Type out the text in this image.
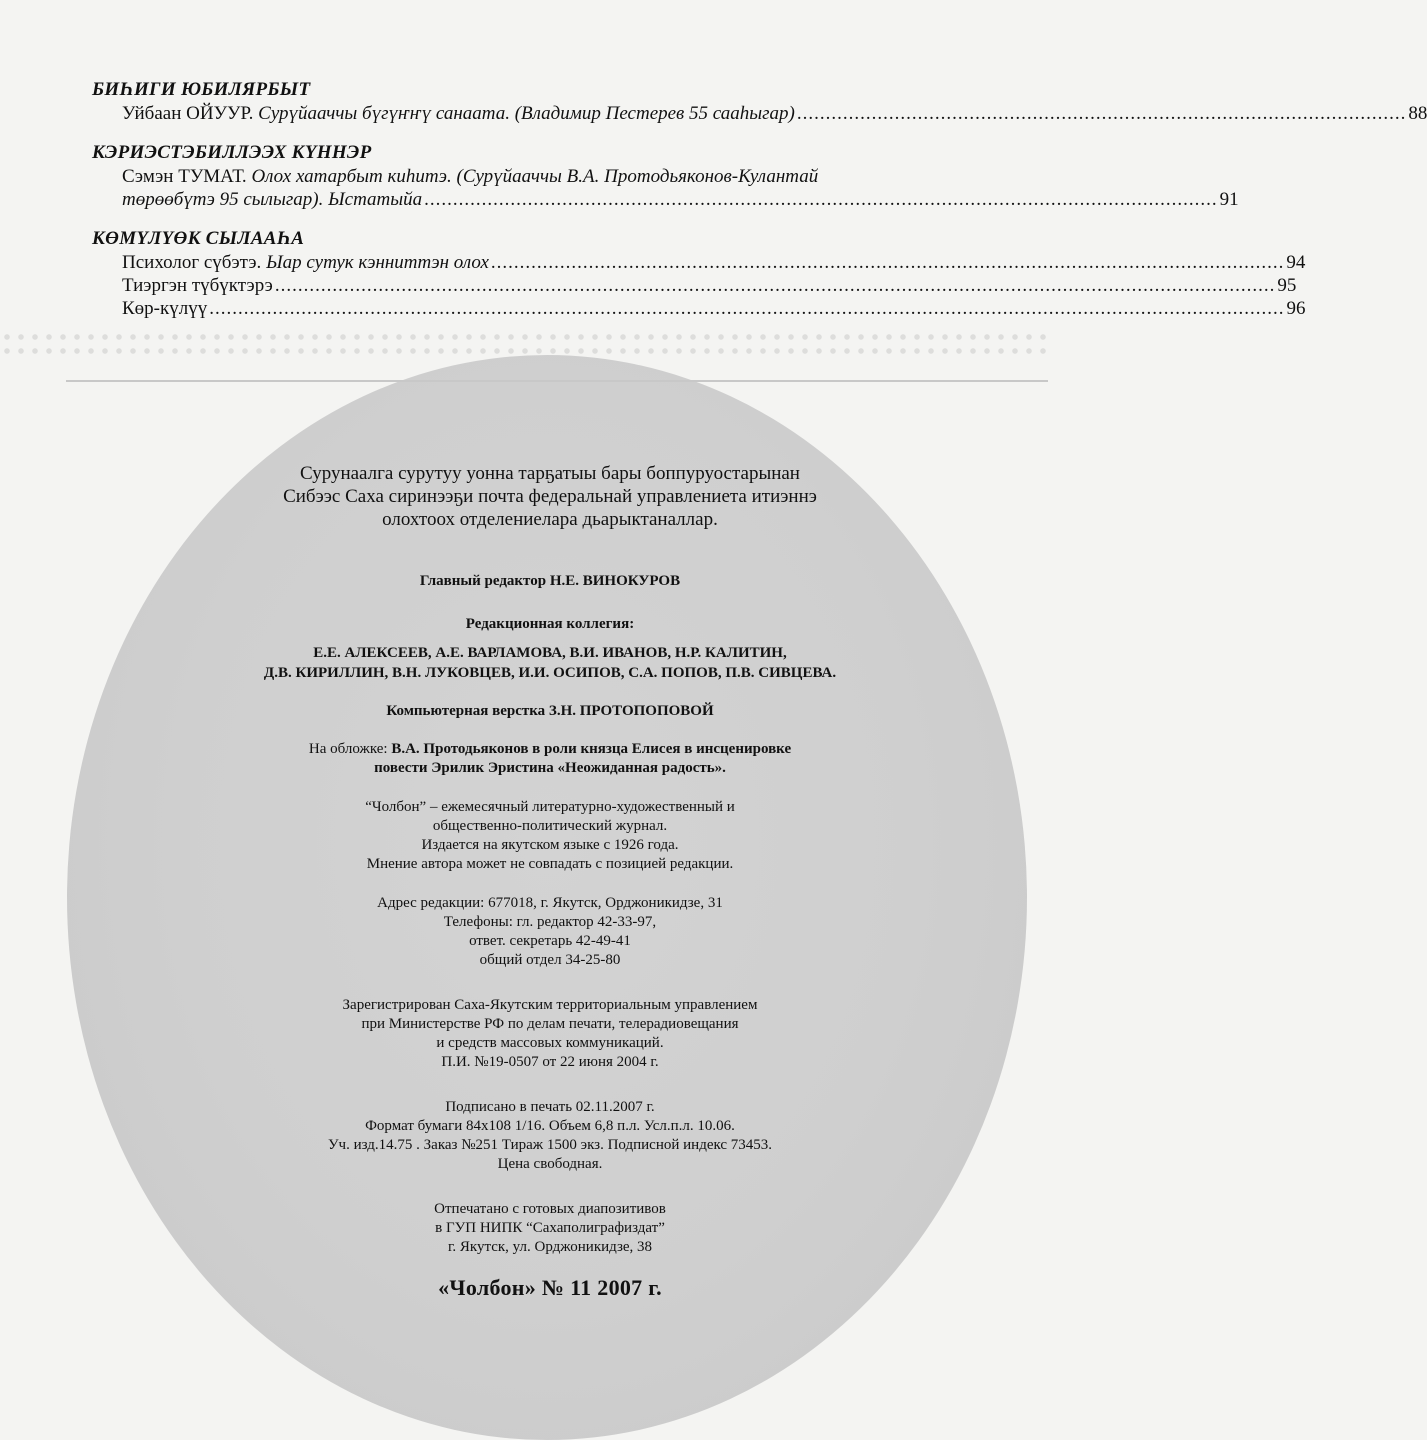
БИҺИГИ ЮБИЛЯРБЫТ
Уйбаан ОЙУУР. Сурүйааччы бүгүҥҥү санаата. (Владимир Пестерев 55 сааһыгар) .......................................................................................................... 88
КЭРИЭСТЭБИЛЛЭЭХ КҮННЭР
Сэмэн ТУМАТ. Олох хатарбыт киһитэ. (Сурүйааччы В.А. Протодьяконов-Кулантай
төрөөбүтэ 95 сылыгар). Ыстатыйа .......................................................................................................................................... 91
КӨМҮЛҮӨК СЫЛААҺА
Психолог сүбэтэ. Ыар сутук кэнниттэн олох .......................................................................................................................................... 94
Тиэргэн түбүктэрэ .............................................................................................................................................................................. 95
Көр-күлүү ........................................................................................................................................................................................... 96
Сурунаалга сурутуу уонна тарҕатыы бары боппуруостарынан
Сибээс Саха сиринээҕи почта федеральнай управлениета итиэннэ
олохтоох отделениелара дьарыктаналлар.
Главный редактор Н.Е. ВИНОКУРОВ
Редакционная коллегия:
Е.Е. АЛЕКСЕЕВ, А.Е. ВАРЛАМОВА, В.И. ИВАНОВ, Н.Р. КАЛИТИН,
Д.В. КИРИЛЛИН, В.Н. ЛУКОВЦЕВ, И.И. ОСИПОВ, С.А. ПОПОВ, П.В. СИВЦЕВА.
Компьютерная верстка З.Н. ПРОТОПОПОВОЙ
На обложке: В.А. Протодьяконов в роли князца Елисея в инсценировке
повести Эрилик Эристина «Неожиданная радость».
“Чолбон” – ежемесячный литературно-художественный и
общественно-политический журнал.
Издается на якутском языке с 1926 года.
Мнение автора может не совпадать с позицией редакции.
Адрес редакции: 677018, г. Якутск, Орджоникидзе, 31
Телефоны: гл. редактор 42-33-97,
ответ. секретарь 42-49-41
общий отдел 34-25-80
Зарегистрирован Саха-Якутским территориальным управлением
при Министерстве РФ по делам печати, телерадиовещания
и средств массовых коммуникаций.
П.И. №19-0507 от 22 июня 2004 г.
Подписано в печать 02.11.2007 г.
Формат бумаги 84х108 1/16. Объем 6,8 п.л. Усл.п.л. 10.06.
Уч. изд.14.75 . Заказ №251 Тираж 1500 экз. Подписной индекс 73453.
Цена свободная.
Отпечатано с готовых диапозитивов
в ГУП НИПК “Сахаполиграфиздат”
г. Якутск, ул. Орджоникидзе, 38
«Чолбон» № 11 2007 г.
